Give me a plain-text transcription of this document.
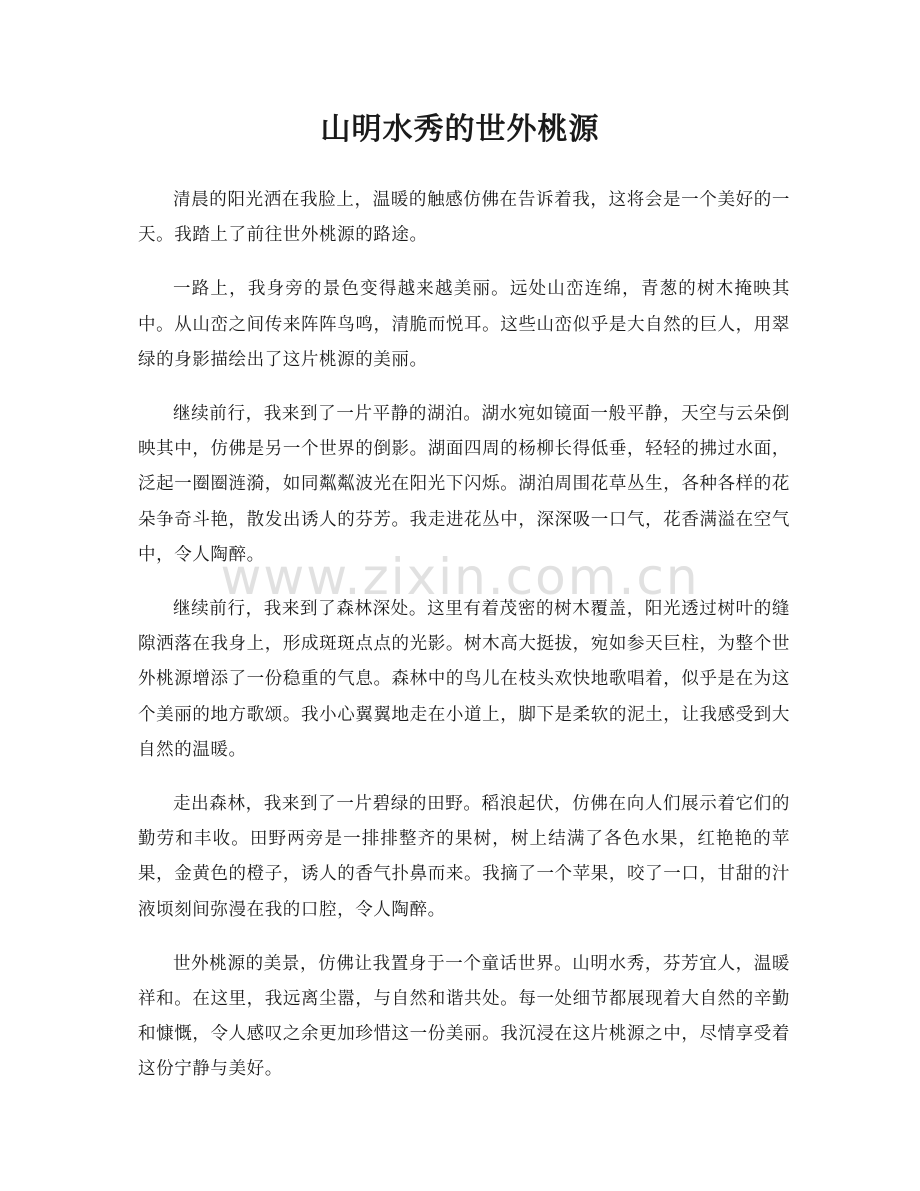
山明水秀的世外桃源

清晨的阳光洒在我脸上，温暖的触感仿佛在告诉着我，这将会是一个美好的一天。我踏上了前往世外桃源的路途。

一路上，我身旁的景色变得越来越美丽。远处山峦连绵，青葱的树木掩映其中。从山峦之间传来阵阵鸟鸣，清脆而悦耳。这些山峦似乎是大自然的巨人，用翠绿的身影描绘出了这片桃源的美丽。

继续前行，我来到了一片平静的湖泊。湖水宛如镜面一般平静，天空与云朵倒映其中，仿佛是另一个世界的倒影。湖面四周的杨柳长得低垂，轻轻的拂过水面，泛起一圈圈涟漪，如同粼粼波光在阳光下闪烁。湖泊周围花草丛生，各种各样的花朵争奇斗艳，散发出诱人的芬芳。我走进花丛中，深深吸一口气，花香满溢在空气中，令人陶醉。

继续前行，我来到了森林深处。这里有着茂密的树木覆盖，阳光透过树叶的缝隙洒落在我身上，形成斑斑点点的光影。树木高大挺拔，宛如参天巨柱，为整个世外桃源增添了一份稳重的气息。森林中的鸟儿在枝头欢快地歌唱着，似乎是在为这个美丽的地方歌颂。我小心翼翼地走在小道上，脚下是柔软的泥土，让我感受到大自然的温暖。

走出森林，我来到了一片碧绿的田野。稻浪起伏，仿佛在向人们展示着它们的勤劳和丰收。田野两旁是一排排整齐的果树，树上结满了各色水果，红艳艳的苹果，金黄色的橙子，诱人的香气扑鼻而来。我摘了一个苹果，咬了一口，甘甜的汁液顷刻间弥漫在我的口腔，令人陶醉。

世外桃源的美景，仿佛让我置身于一个童话世界。山明水秀，芬芳宜人，温暖祥和。在这里，我远离尘嚣，与自然和谐共处。每一处细节都展现着大自然的辛勤和慷慨，令人感叹之余更加珍惜这一份美丽。我沉浸在这片桃源之中，尽情享受着这份宁静与美好。

www.zixin.com.cn
